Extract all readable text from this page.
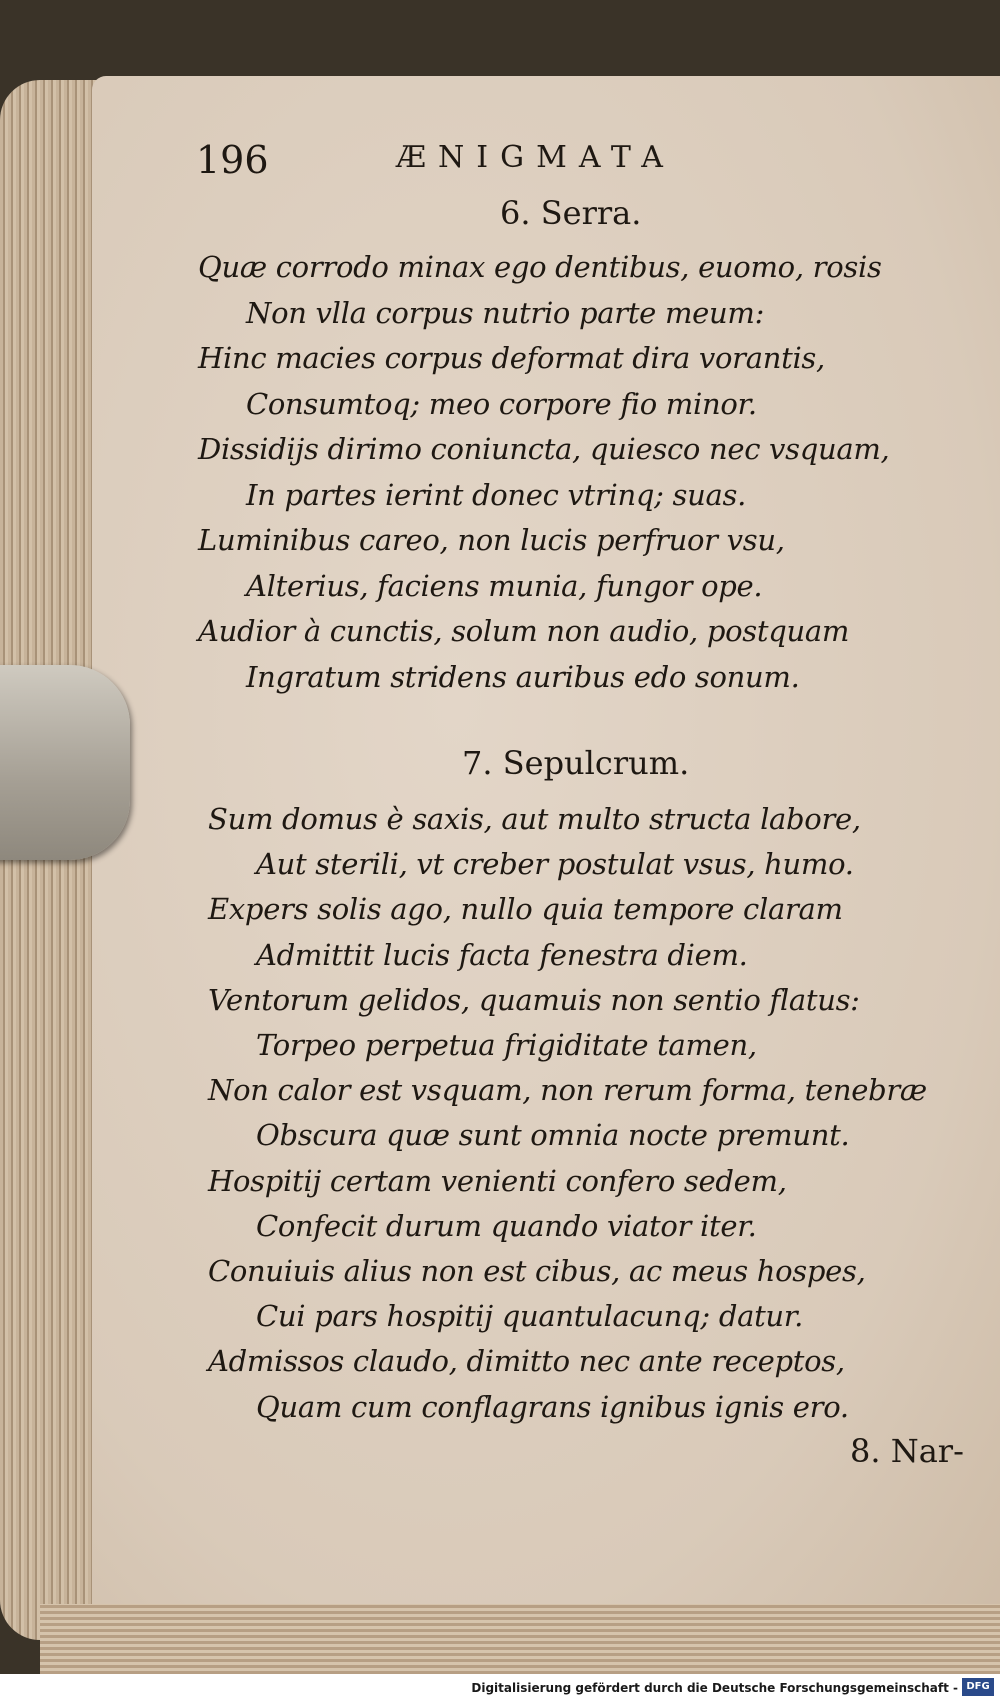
196	ÆNIGMATA
6. Serra.
Quæ corrodo minax ego dentibus, euomo, rosis
Non vlla corpus nutrio parte meum:
Hinc macies corpus deformat dira vorantis,
Consumtoq; meo corpore fio minor.
Dissidijs dirimo coniuncta, quiesco nec vsquam,
In partes ierint donec vtrinq; suas.
Luminibus careo, non lucis perfruor vsu,
Alterius, faciens munia, fungor ope.
Audior à cunctis, solum non audio, postquam
Ingratum stridens auribus edo sonum.
7. Sepulcrum.
Sum domus è saxis, aut multo structa labore,
Aut sterili, vt creber postulat vsus, humo.
Expers solis ago, nullo quia tempore claram
Admittit lucis facta fenestra diem.
Ventorum gelidos, quamuis non sentio flatus:
Torpeo perpetua frigiditate tamen,
Non calor est vsquam, non rerum forma, tenebræ
Obscura quæ sunt omnia nocte premunt.
Hospitij certam venienti confero sedem,
Confecit durum quando viator iter.
Conuiuis alius non est cibus, ac meus hospes,
Cui pars hospitij quantulacunq; datur.
Admissos claudo, dimitto nec ante receptos,
Quam cum conflagrans ignibus ignis ero.
8. Nar-
Digitalisierung gefördert durch die Deutsche Forschungsgemeinschaft - DFG
